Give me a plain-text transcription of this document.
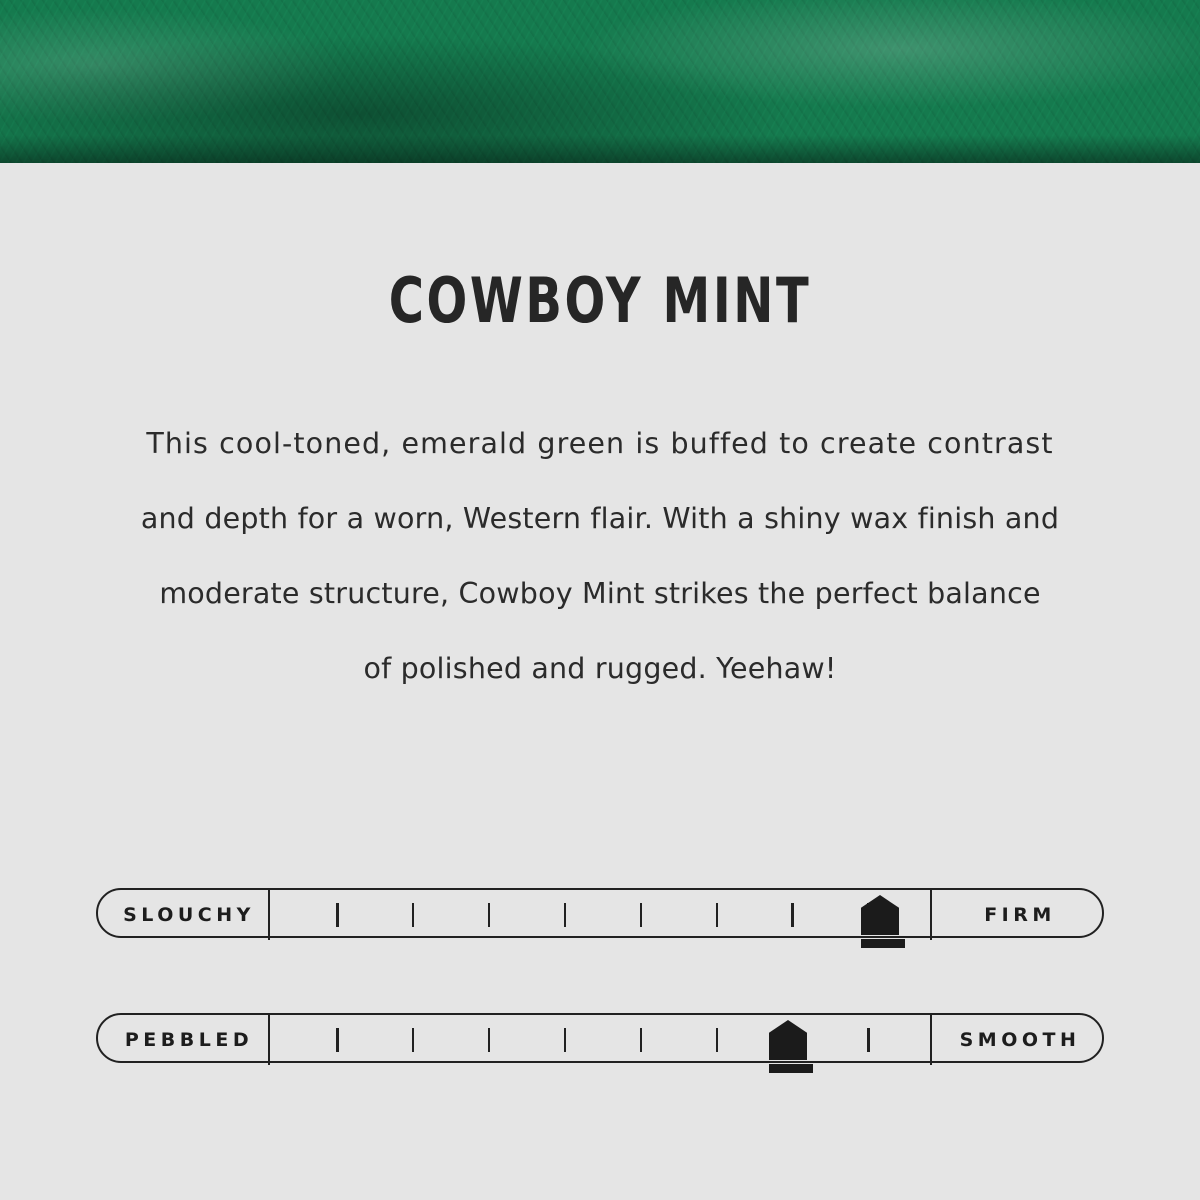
COWBOY MINT
This cool-toned, emerald green is buffed to create contrast
and depth for a worn, Western flair. With a shiny wax finish and
moderate structure, Cowboy Mint strikes the perfect balance
of polished and rugged. Yeehaw!
SLOUCHY	FIRM
PEBBLED	SMOOTH
